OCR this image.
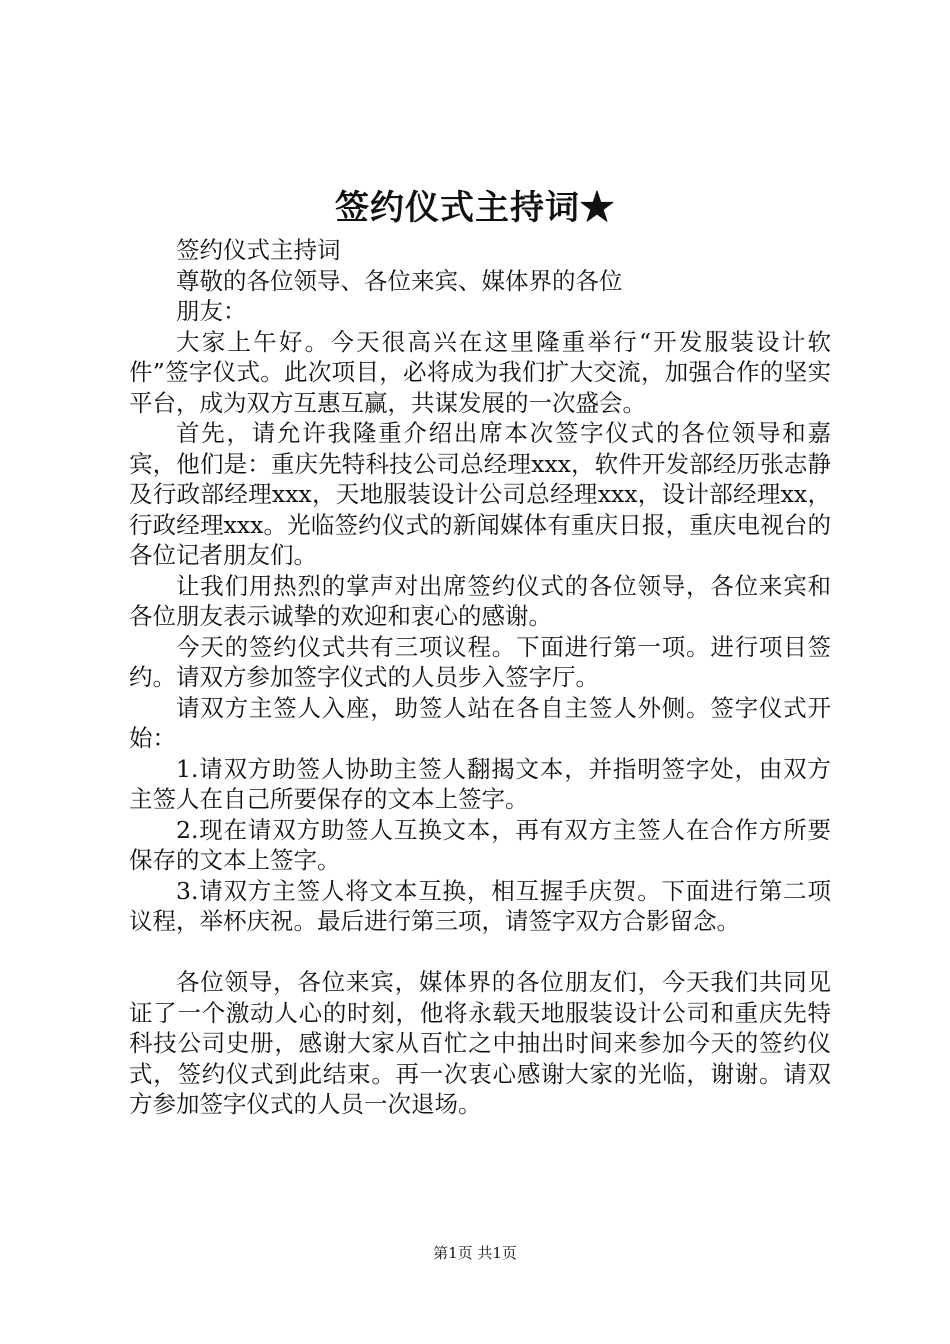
签约仪式主持词★

签约仪式主持词

尊敬的各位领导、各位来宾、媒体界的各位

朋友：

大家上午好。今天很高兴在这里隆重举行“开发服装设计软件”签字仪式。此次项目，必将成为我们扩大交流，加强合作的坚实平台，成为双方互惠互赢，共谋发展的一次盛会。

首先，请允许我隆重介绍出席本次签字仪式的各位领导和嘉宾，他们是：重庆先特科技公司总经理xxx，软件开发部经历张志静及行政部经理xxx，天地服装设计公司总经理xxx，设计部经理xx，行政经理xxx。光临签约仪式的新闻媒体有重庆日报，重庆电视台的各位记者朋友们。

让我们用热烈的掌声对出席签约仪式的各位领导，各位来宾和各位朋友表示诚挚的欢迎和衷心的感谢。

今天的签约仪式共有三项议程。下面进行第一项。进行项目签约。请双方参加签字仪式的人员步入签字厅。

请双方主签人入座，助签人站在各自主签人外侧。签字仪式开始：

1.请双方助签人协助主签人翻揭文本，并指明签字处，由双方主签人在自己所要保存的文本上签字。

2.现在请双方助签人互换文本，再有双方主签人在合作方所要保存的文本上签字。

3.请双方主签人将文本互换，相互握手庆贺。下面进行第二项议程，举杯庆祝。最后进行第三项，请签字双方合影留念。

各位领导，各位来宾，媒体界的各位朋友们，今天我们共同见证了一个激动人心的时刻，他将永载天地服装设计公司和重庆先特科技公司史册，感谢大家从百忙之中抽出时间来参加今天的签约仪式，签约仪式到此结束。再一次衷心感谢大家的光临，谢谢。请双方参加签字仪式的人员一次退场。

第1页 共1页
